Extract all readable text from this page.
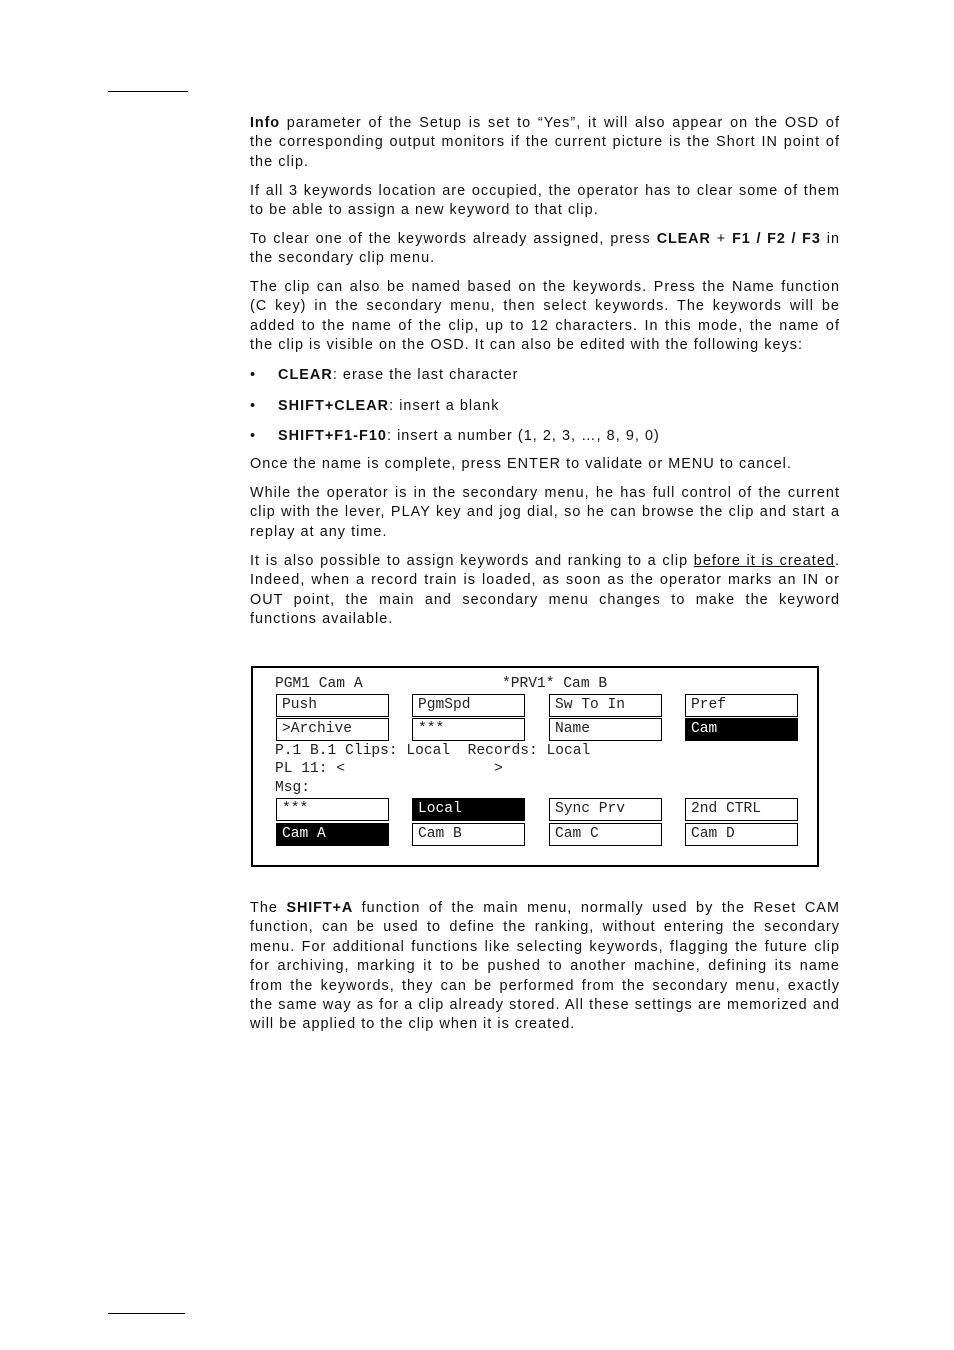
Info parameter of the Setup is set to “Yes”, it will also appear on the OSD of the corresponding output monitors if the current picture is the Short IN point of the clip.

If all 3 keywords location are occupied, the operator has to clear some of them to be able to assign a new keyword to that clip.

To clear one of the keywords already assigned, press CLEAR + F1 / F2 / F3 in the secondary clip menu.

The clip can also be named based on the keywords. Press the Name function (C key) in the secondary menu, then select keywords. The keywords will be added to the name of the clip, up to 12 characters. In this mode, the name of the clip is visible on the OSD. It can also be edited with the following keys:

• CLEAR: erase the last character
• SHIFT+CLEAR: insert a blank
• SHIFT+F1-F10: insert a number (1, 2, 3, …, 8, 9, 0)

Once the name is complete, press ENTER to validate or MENU to cancel.

While the operator is in the secondary menu, he has full control of the current clip with the lever, PLAY key and jog dial, so he can browse the clip and start a replay at any time.

It is also possible to assign keywords and ranking to a clip before it is created. Indeed, when a record train is loaded, as soon as the operator marks an IN or OUT point, the main and secondary menu changes to make the keyword functions available.

PGM1 Cam A	*PRV1* Cam B
Push
>Archive
PgmSpd
***
Sw To In
Name
Pref
Cam
P.1 B.1 Clips: Local  Records: Local
PL 11: <                 >
Msg:
***
Cam A
Local
Cam B
Sync Prv
Cam C
2nd CTRL
Cam D

The SHIFT+A function of the main menu, normally used by the Reset CAM function, can be used to define the ranking, without entering the secondary menu. For additional functions like selecting keywords, flagging the future clip for archiving, marking it to be pushed to another machine, defining its name from the keywords, they can be performed from the secondary menu, exactly the same way as for a clip already stored. All these settings are memorized and will be applied to the clip when it is created.
